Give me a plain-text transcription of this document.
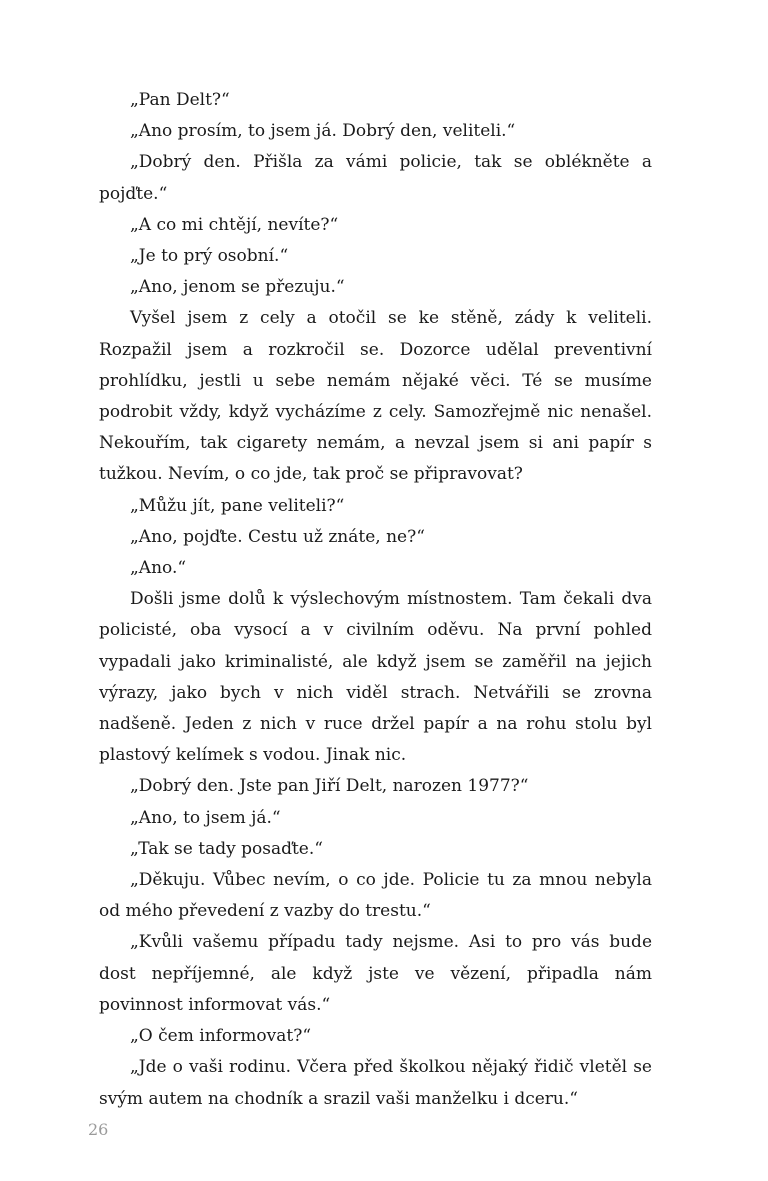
„Pan Delt?“

„Ano prosím, to jsem já. Dobrý den, veliteli.“

„Dobrý den. Přišla za vámi policie, tak se oblékněte a pojďte.“

„A co mi chtějí, nevíte?“

„Je to prý osobní.“

„Ano, jenom se přezuju.“

Vyšel jsem z cely a otočil se ke stěně, zády k veliteli. Rozpažil jsem a rozkročil se. Dozorce udělal preventivní prohlídku, jestli u sebe nemám nějaké věci. Té se musíme podrobit vždy, když vycházíme z cely. Samozřejmě nic nenašel. Nekouřím, tak cigarety nemám, a nevzal jsem si ani papír s tužkou. Nevím, o co jde, tak proč se připravovat?

„Můžu jít, pane veliteli?“

„Ano, pojďte. Cestu už znáte, ne?“

„Ano.“

Došli jsme dolů k výslechovým místnostem. Tam čekali dva policisté, oba vysocí a v civilním oděvu. Na první pohled vypadali jako kriminalisté, ale když jsem se zaměřil na jejich výrazy, jako bych v nich viděl strach. Netvářili se zrovna nadšeně. Jeden z nich v ruce držel papír a na rohu stolu byl plastový kelímek s vodou. Jinak nic.

„Dobrý den. Jste pan Jiří Delt, narozen 1977?“

„Ano, to jsem já.“

„Tak se tady posaďte.“

„Děkuju. Vůbec nevím, o co jde. Policie tu za mnou nebyla od mého převedení z vazby do trestu.“

„Kvůli vašemu případu tady nejsme. Asi to pro vás bude dost nepříjemné, ale když jste ve vězení, připadla nám povinnost informovat vás.“

„O čem informovat?“

„Jde o vaši rodinu. Včera před školkou nějaký řidič vletěl se svým autem na chodník a srazil vaši manželku i dceru.“

26
